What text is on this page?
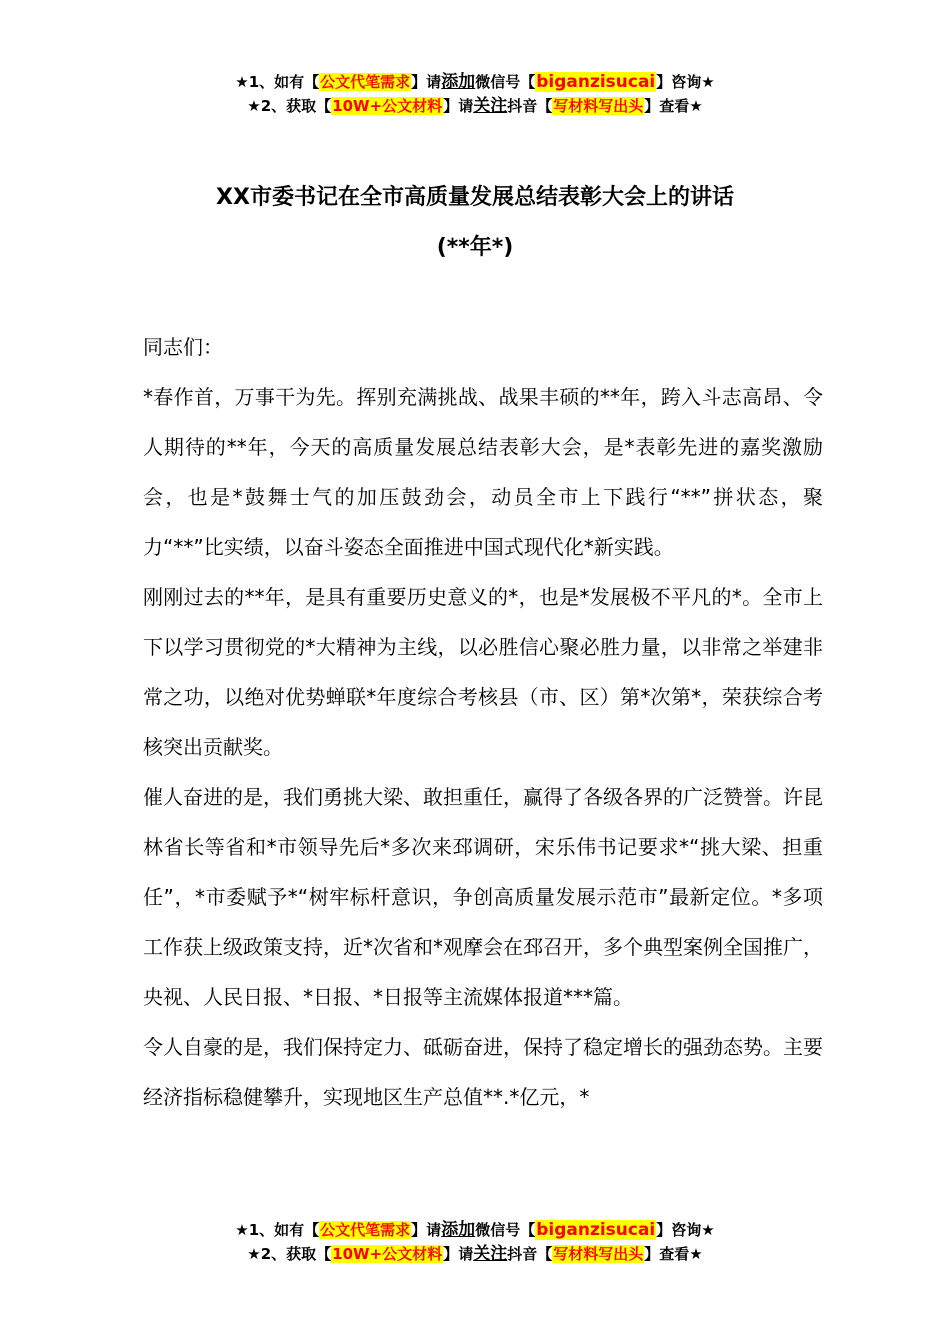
★1、如有【公文代笔需求】请添加微信号【biganzisucai】咨询★
★2、获取【10W+公文材料】请关注抖音【写材料写出头】查看★
XX市委书记在全市高质量发展总结表彰大会上的讲话
(**年*)

同志们：

*春作首，万事干为先。挥别充满挑战、战果丰硕的**年，跨入斗志高昂、令人期待的**年，今天的高质量发展总结表彰大会，是*表彰先进的嘉奖激励会，也是*鼓舞士气的加压鼓劲会，动员全市上下践行“**”拼状态，聚力“**”比实绩，以奋斗姿态全面推进中国式现代化*新实践。

刚刚过去的**年，是具有重要历史意义的*，也是*发展极不平凡的*。全市上下以学习贯彻党的*大精神为主线，以必胜信心聚必胜力量，以非常之举建非常之功，以绝对优势蝉联*年度综合考核县（市、区）第*次第*，荣获综合考核突出贡献奖。

催人奋进的是，我们勇挑大梁、敢担重任，赢得了各级各界的广泛赞誉。许昆林省长等省和*市领导先后*多次来邳调研，宋乐伟书记要求*“挑大梁、担重任”，*市委赋予*“树牢标杆意识，争创高质量发展示范市”最新定位。*多项工作获上级政策支持，近*次省和*观摩会在邳召开，多个典型案例全国推广，央视、人民日报、*日报、*日报等主流媒体报道***篇。

令人自豪的是，我们保持定力、砥砺奋进，保持了稳定增长的强劲态势。主要经济指标稳健攀升，实现地区生产总值**.*亿元，*

★1、如有【公文代笔需求】请添加微信号【biganzisucai】咨询★
★2、获取【10W+公文材料】请关注抖音【写材料写出头】查看★
